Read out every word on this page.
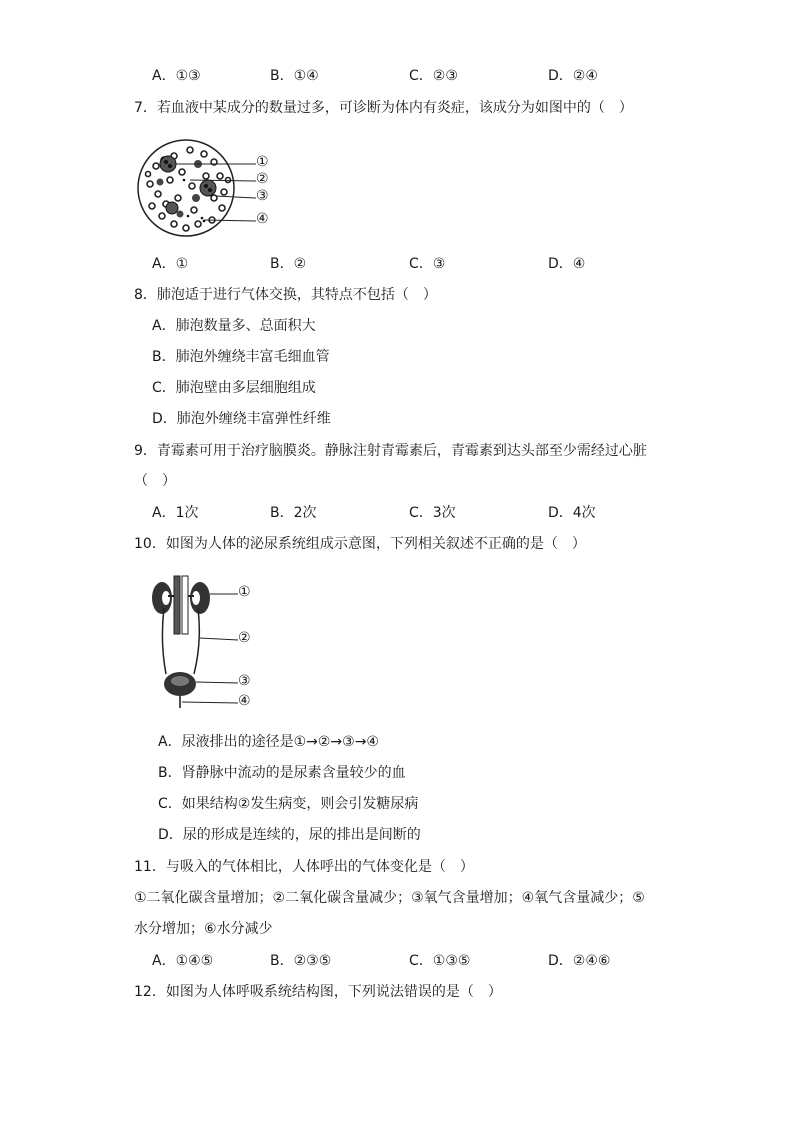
A．①③	B．①④	C．②③	D．②④
7．若血液中某成分的数量过多，可诊断为体内有炎症，该成分为如图中的（　）
①
②
③
④
A．①	B．②	C．③	D．④
8．肺泡适于进行气体交换，其特点不包括（　）
A．肺泡数量多、总面积大
B．肺泡外缠绕丰富毛细血管
C．肺泡壁由多层细胞组成
D．肺泡外缠绕丰富弹性纤维
9．青霉素可用于治疗脑膜炎。静脉注射青霉素后，青霉素到达头部至少需经过心脏
（　）
A．1次	B．2次	C．3次	D．4次
10．如图为人体的泌尿系统组成示意图，下列相关叙述不正确的是（　）
①
②
③
④
A．尿液排出的途径是①→②→③→④
B．肾静脉中流动的是尿素含量较少的血
C．如果结构②发生病变，则会引发糖尿病
D．尿的形成是连续的，尿的排出是间断的
11．与吸入的气体相比，人体呼出的气体变化是（　）
①二氧化碳含量增加；②二氧化碳含量减少；③氧气含量增加；④氧气含量减少；⑤
水分增加；⑥水分减少
A．①④⑤	B．②③⑤	C．①③⑤	D．②④⑥
12．如图为人体呼吸系统结构图，下列说法错误的是（　）
